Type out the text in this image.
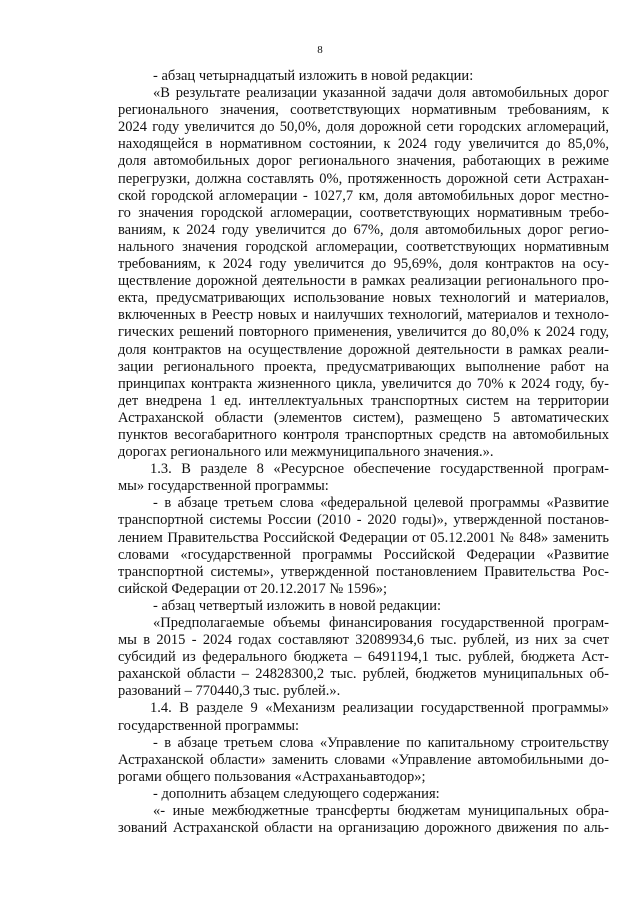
8
- абзац четырнадцатый изложить в новой редакции:
«В результате реализации указанной задачи доля автомобильных дорог
регионального значения, соответствующих нормативным требованиям, к
2024 году увеличится до 50,0%, доля дорожной сети городских агломераций,
находящейся в нормативном состоянии, к 2024 году увеличится до 85,0%,
доля автомобильных дорог регионального значения, работающих в режиме
перегрузки, должна составлять 0%, протяженность дорожной сети Астрахан-
ской городской агломерации - 1027,7 км, доля автомобильных дорог местно-
го значения городской агломерации, соответствующих нормативным требо-
ваниям, к 2024 году увеличится до 67%, доля автомобильных дорог регио-
нального значения городской агломерации, соответствующих нормативным
требованиям, к 2024 году увеличится до 95,69%, доля контрактов на осу-
ществление дорожной деятельности в рамках реализации регионального про-
екта, предусматривающих использование новых технологий и материалов,
включенных в Реестр новых и наилучших технологий, материалов и техноло-
гических решений повторного применения, увеличится до 80,0% к 2024 году,
доля контрактов на осуществление дорожной деятельности в рамках реали-
зации регионального проекта, предусматривающих выполнение работ на
принципах контракта жизненного цикла, увеличится до 70% к 2024 году, бу-
дет внедрена 1 ед. интеллектуальных транспортных систем на территории
Астраханской области (элементов систем), размещено 5 автоматических
пунктов весогабаритного контроля транспортных средств на автомобильных
дорогах регионального или межмуниципального значения.».
1.3. В разделе 8 «Ресурсное обеспечение государственной програм-
мы» государственной программы:
- в абзаце третьем слова «федеральной целевой программы «Развитие
транспортной системы России (2010 - 2020 годы)», утвержденной постанов-
лением Правительства Российской Федерации от 05.12.2001 № 848» заменить
словами «государственной программы Российской Федерации «Развитие
транспортной системы», утвержденной постановлением Правительства Рос-
сийской Федерации от 20.12.2017 № 1596»;
- абзац четвертый изложить в новой редакции:
«Предполагаемые объемы финансирования государственной програм-
мы в 2015 - 2024 годах составляют 32089934,6 тыс. рублей, из них за счет
субсидий из федерального бюджета – 6491194,1 тыс. рублей, бюджета Аст-
раханской области – 24828300,2 тыс. рублей, бюджетов муниципальных об-
разований – 770440,3 тыс. рублей.».
1.4. В разделе 9 «Механизм реализации государственной программы»
государственной программы:
- в абзаце третьем слова «Управление по капитальному строительству
Астраханской области» заменить словами «Управление автомобильными до-
рогами общего пользования «Астраханьавтодор»;
- дополнить абзацем следующего содержания:
«- иные межбюджетные трансферты бюджетам муниципальных обра-
зований Астраханской области на организацию дорожного движения по аль-
